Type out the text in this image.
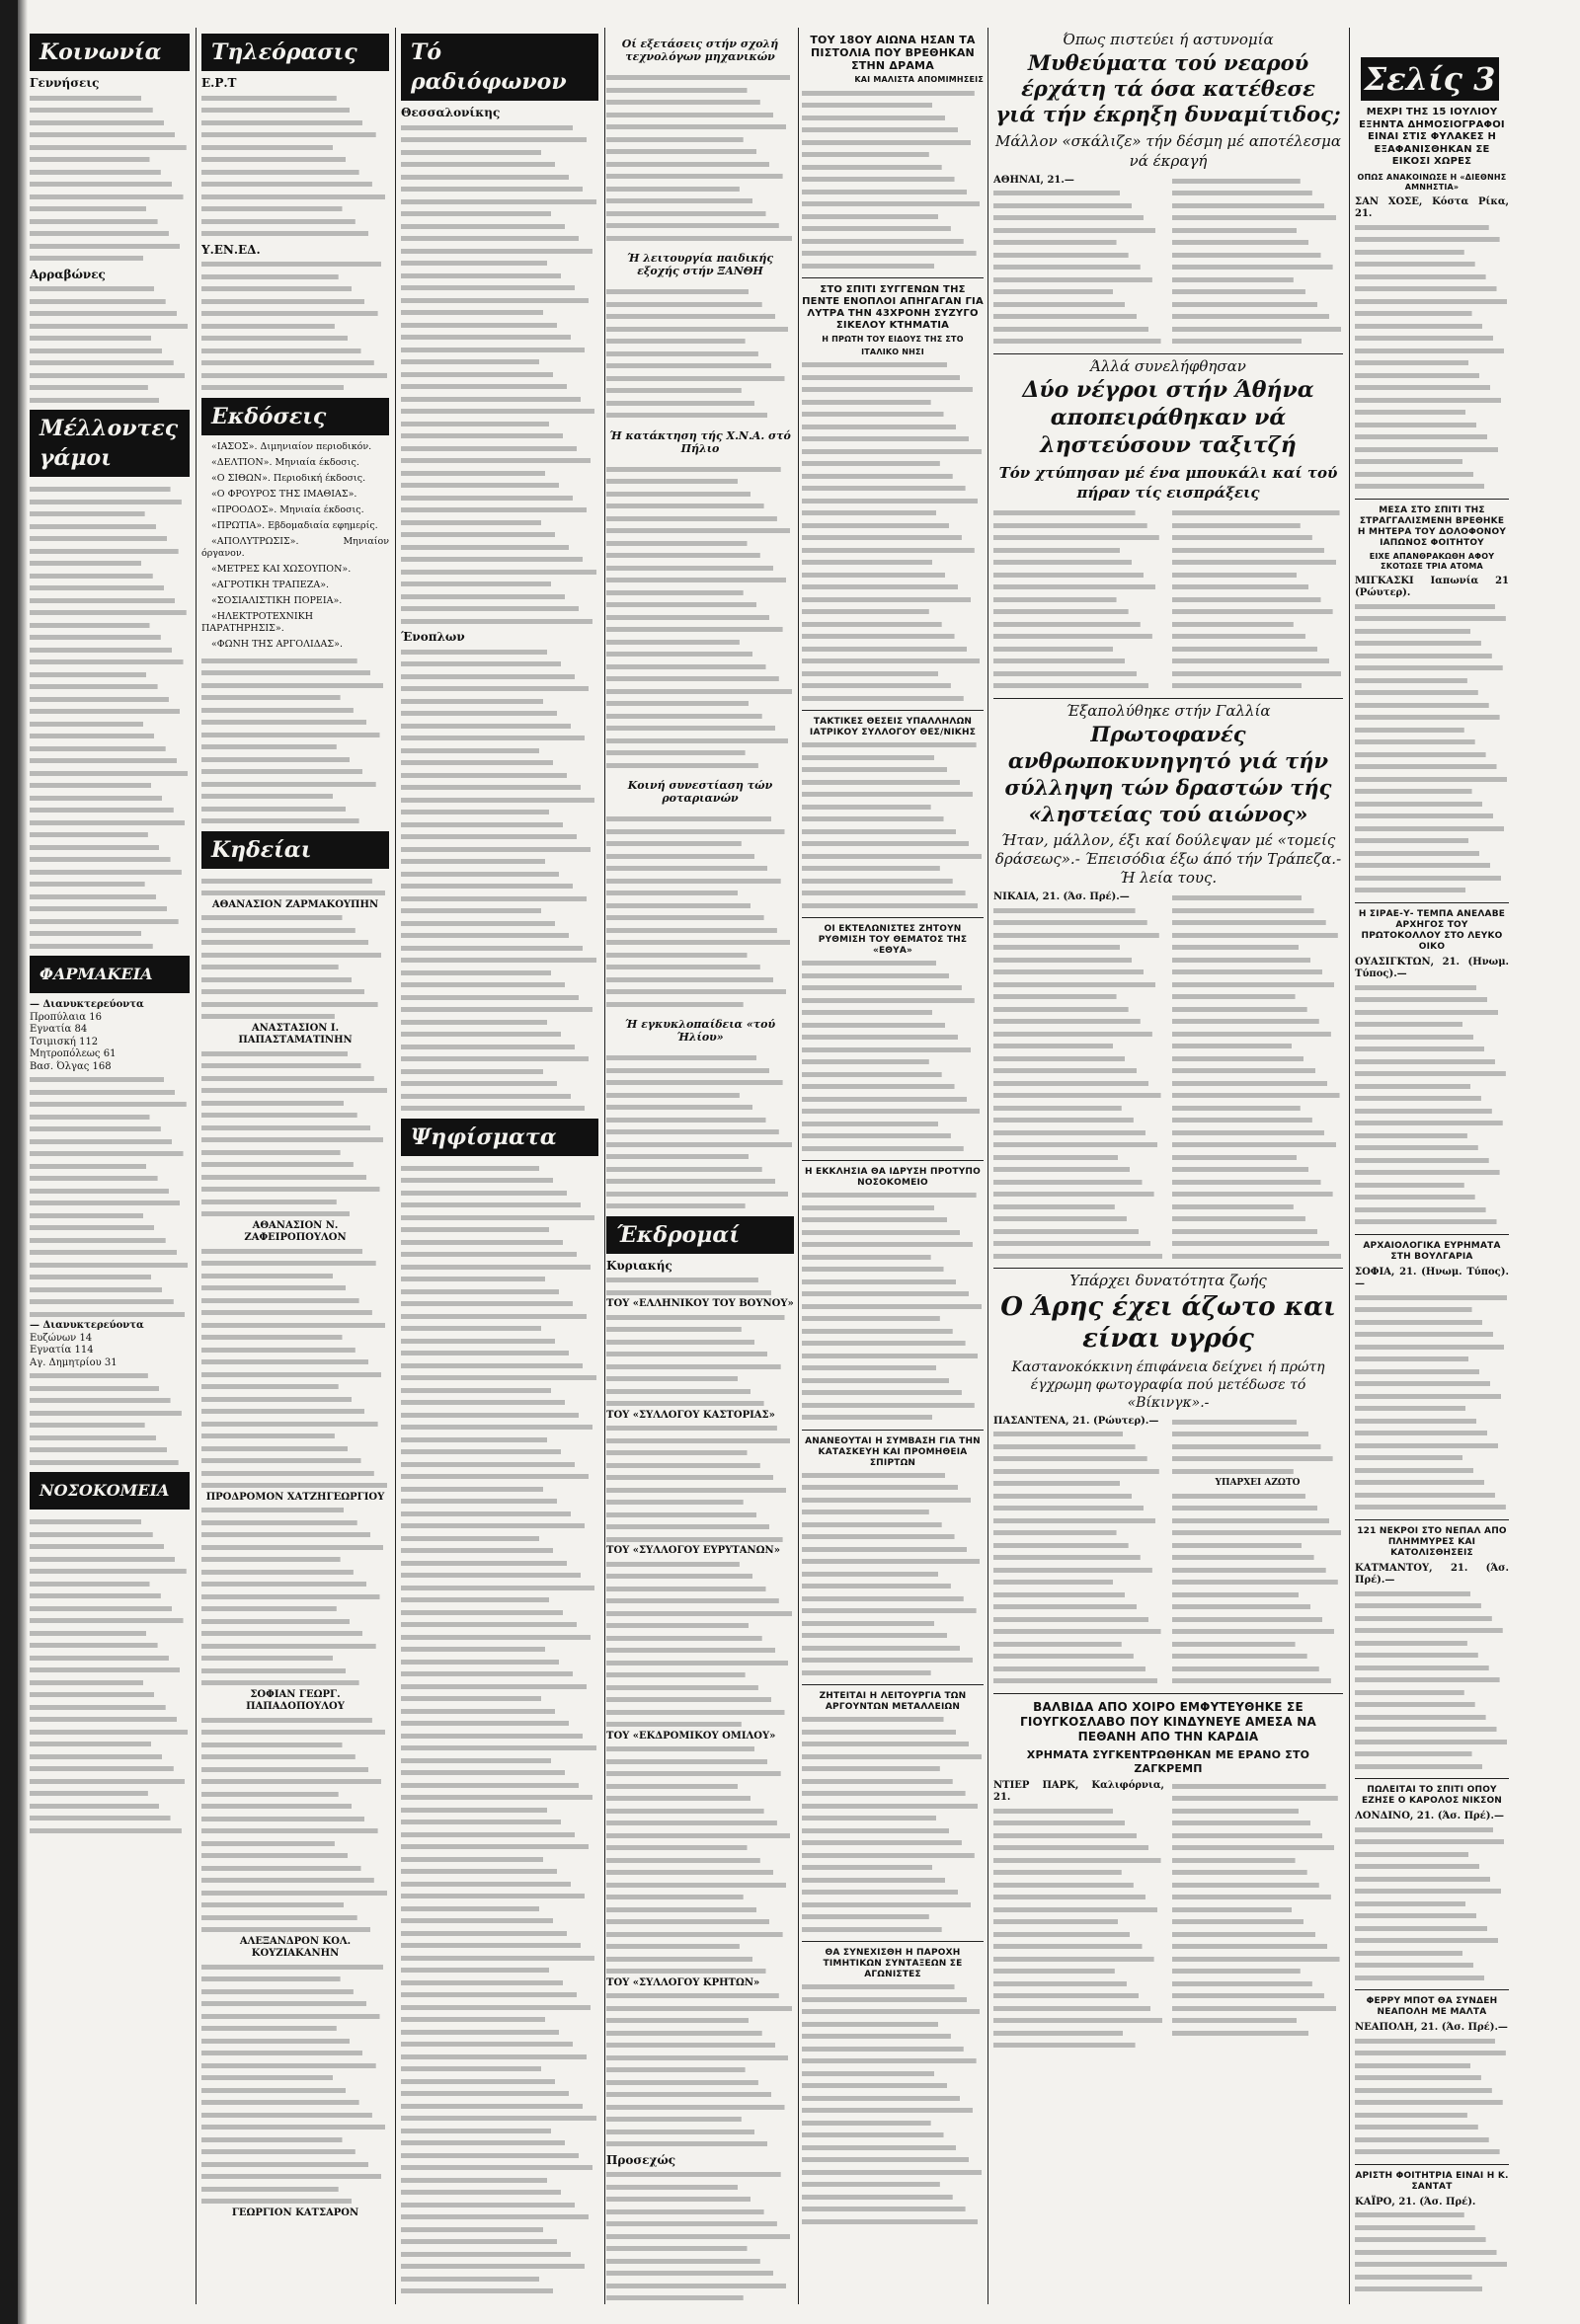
Κοινωνία
Γεννήσεις
Αρραβώνες
Μέλλοντες γάμοι
ΦΑΡΜΑΚΕΙΑ
— Διανυκτερεύοντα
Προπύλαια 16
Εγνατία 84
Τσιμισκή 112
Μητροπόλεως 61
Βασ. Όλγας 168
— Διανυκτερεύοντα
Ευζώνων 14
Εγνατία 114
Αγ. Δημητρίου 31
ΝΟΣΟΚΟΜΕΙΑ
Τηλεόρασις
Ε.Ρ.Τ
Υ.ΕΝ.ΕΔ.
Εκδόσεις

«ΙΑΣΟΣ». Διμηνιαίον περιοδικόν.

«ΔΕΛΤΙΟΝ». Μηνιαία έκδοσις.

«Ο ΣΙΘΩΝ». Περιοδική έκδοσις.

«Ο ΦΡΟΥΡΟΣ ΤΗΣ ΙΜΑΘΙΑΣ».

«ΠΡΟΟΔΟΣ». Μηνιαία έκδοσις.

«ΠΡΩΤΙΑ». Εβδομαδιαία εφημερίς.

«ΑΠΟΛΥΤΡΩΣΙΣ». Μηνιαίον όργανον.

«ΜΕΤΡΕΣ ΚΑΙ ΧΩΣΟΥΠΟΝ».

«ΑΓΡΟΤΙΚΗ ΤΡΑΠΕΖΑ».

«ΣΟΣΙΑΛΙΣΤΙΚΗ ΠΟΡΕΙΑ».

«ΗΛΕΚΤΡΟΤΕΧΝΙΚΗ ΠΑΡΑΤΗΡΗΣΙΣ».

«ΦΩΝΗ ΤΗΣ ΑΡΓΟΛΙΔΑΣ».

Κηδείαι
ΑΘΑΝΑΣΙΟΝ ΖΑΡΜΑΚΟΥΠΗΝ
ΑΝΑΣΤΑΣΙΟΝ Ι. ΠΑΠΑΣΤΑΜΑΤΙΝΗΝ
ΑΘΑΝΑΣΙΟΝ Ν. ΖΑΦΕΙΡΟΠΟΥΛΟΝ
ΠΡΟΔΡΟΜΟΝ ΧΑΤΖΗΓΕΩΡΓΙΟΥ
ΣΟΦΙΑΝ ΓΕΩΡΓ. ΠΑΠΑΔΟΠΟΥΛΟΥ
ΑΛΕΞΑΝΔΡΟΝ ΚΟΛ. ΚΟΥΖΙΑΚΑΝΗΝ
ΓΕΩΡΓΙΟΝ ΚΑΤΣΑΡΟΝ
Τό ραδιόφωνον
Θεσσαλονίκης
Ένοπλων
Ψηφίσματα
Οί εξετάσεις στήν σχολή τεχνολόγων μηχανικών
Ή λειτουργία παιδικής εξοχής στήν ΞΑΝΘΗ
Ή κατάκτηση τής Χ.Ν.Α. στό Πήλιο
Κοινή συνεστίαση τών ροταριανών
Ή εγκυκλοπαίδεια «τού Ήλίου»
Έκδρομαί
Κυριακής
ΤΟΥ «ΕΛΛΗΝΙΚΟΥ ΤΟΥ ΒΟΥΝΟΥ»
ΤΟΥ «ΣΥΛΛΟΓΟΥ ΚΑΣΤΟΡΙΑΣ»
ΤΟΥ «ΣΥΛΛΟΓΟΥ ΕΥΡΥΤΑΝΩΝ»
ΤΟΥ «ΕΚΔΡΟΜΙΚΟΥ ΟΜΙΛΟΥ»
ΤΟΥ «ΣΥΛΛΟΓΟΥ ΚΡΗΤΩΝ»
Προσεχώς
ΤΟΥ 18ΟΥ ΑΙΩΝΑ ΗΣΑΝ ΤΑ ΠΙΣΤΟΛΙΑ ΠΟΥ ΒΡΕΘΗΚΑΝ ΣΤΗΝ ΔΡΑΜΑ
ΚΑΙ ΜΑΛΙΣΤΑ ΑΠΟΜΙΜΗΣΕΙΣ
ΣΤΟ ΣΠΙΤΙ ΣΥΓΓΕΝΩΝ ΤΗΣ ΠΕΝΤΕ ΕΝΟΠΛΟΙ ΑΠΗΓΑΓΑΝ ΓΙΑ ΛΥΤΡΑ ΤΗΝ 43ΧΡΟΝΗ ΣΥΖΥΓΟ ΣΙΚΕΛΟΥ ΚΤΗΜΑΤΙΑ
Η ΠΡΩΤΗ ΤΟΥ ΕΙΔΟΥΣ ΤΗΣ ΣΤΟ ΙΤΑΛΙΚΟ ΝΗΣΙ
ΤΑΚΤΙΚΕΣ ΘΕΣΕΙΣ ΥΠΑΛΛΗΛΩΝ ΙΑΤΡΙΚΟΥ ΣΥΛΛΟΓΟΥ ΘΕΣ/ΝΙΚΗΣ
ΟΙ ΕΚΤΕΛΩΝΙΣΤΕΣ ΖΗΤΟΥΝ ΡΥΘΜΙΣΗ ΤΟΥ ΘΕΜΑΤΟΣ ΤΗΣ «ΕΘΥΑ»
Η ΕΚΚΛΗΣΙΑ ΘΑ ΙΔΡΥΣΗ ΠΡΟΤΥΠΟ ΝΟΣΟΚΟΜΕΙΟ
ΑΝΑΝΕΟΥΤΑΙ Η ΣΥΜΒΑΣΗ ΓΙΑ ΤΗΝ ΚΑΤΑΣΚΕΥΗ ΚΑΙ ΠΡΟΜΗΘΕΙΑ ΣΠΙΡΤΩΝ
ΖΗΤΕΙΤΑΙ Η ΛΕΙΤΟΥΡΓΙΑ ΤΩΝ ΑΡΓΟΥΝΤΩΝ ΜΕΤΑΛΛΕΙΩΝ
ΘΑ ΣΥΝΕΧΙΣΘΗ Η ΠΑΡΟΧΗ ΤΙΜΗΤΙΚΩΝ ΣΥΝΤΑΞΕΩΝ ΣΕ ΑΓΩΝΙΣΤΕΣ
Όπως πιστεύει ή αστυνομία
Μυθεύματα τού νεαρού έρχάτη τά όσα κατέθεσε
γιά τήν έκρηξη δυναμίτιδος;
Μάλλον «σκάλιζε» τήν δέσμη μέ αποτέλεσμα νά έκραγή
ΑΘΗΝΑΙ, 21.—
Άλλά συνελήφθησαν
Δύο νέγροι στήν Άθήνα αποπειράθηκαν νά ληστεύσουν ταξιτζή
Τόν χτύπησαν μέ ένα μπουκάλι καί τού πήραν τίς εισπράξεις
Έξαπολύθηκε στήν Γαλλία
Πρωτοφανές ανθρωποκυνηγητό γιά τήν σύλληψη τών δραστών τής «ληστείας τού αιώνος»
Ήταν, μάλλον, έξι καί δούλεψαν μέ «τομείς δράσεως».- Έπεισόδια έξω άπό τήν Τράπεζα.- Ή λεία τους.
ΝΙΚΑΙΑ, 21. (Άσ. Πρέ).—
Υπάρχει δυνατότητα ζωής
Ο Άρης έχει άζωτο και είναι υγρός
Καστανοκόκκινη έπιφάνεια δείχνει ή πρώτη έγχρωμη φωτογραφία πού μετέδωσε τό «Βίκινγκ».-
ΠΑΣΑΝΤΕΝΑ, 21. (Ρώυτερ).—
ΥΠΑΡΧΕΙ ΑΖΩΤΟ
ΒΑΛΒΙΔΑ ΑΠΟ ΧΟΙΡΟ ΕΜΦΥΤΕΥΘΗΚΕ ΣΕ ΓΙΟΥΓΚΟΣΛΑΒΟ ΠΟΥ ΚΙΝΔΥΝΕΥΕ ΑΜΕΣΑ ΝΑ ΠΕΘΑΝΗ ΑΠΟ ΤΗΝ ΚΑΡΔΙΑ
ΧΡΗΜΑΤΑ ΣΥΓΚΕΝΤΡΩΘΗΚΑΝ ΜΕ ΕΡΑΝΟ ΣΤΟ ΖΑΓΚΡΕΜΠ
ΝΤΙΕΡ ΠΑΡΚ, Καλιφόρνια, 21.
Σελίς 3
ΜΕΧΡΙ ΤΗΣ 15 ΙΟΥΛΙΟΥ ΕΞΗΝΤΑ ΔΗΜΟΣΙΟΓΡΑΦΟΙ ΕΙΝΑΙ ΣΤΙΣ ΦΥΛΑΚΕΣ Η ΕΞΑΦΑΝΙΣΘΗΚΑΝ ΣΕ ΕΙΚΟΣΙ ΧΩΡΕΣ
ΟΠΩΣ ΑΝΑΚΟΙΝΩΣΕ Η «ΔΙΕΘΝΗΣ ΑΜΝΗΣΤΙΑ»
ΣΑΝ ΧΟΣΕ, Κόστα Ρίκα, 21.
ΜΕΣΑ ΣΤΟ ΣΠΙΤΙ ΤΗΣ ΣΤΡΑΓΓΑΛΙΣΜΕΝΗ ΒΡΕΘΗΚΕ Η ΜΗΤΕΡΑ ΤΟΥ ΔΟΛΟΦΟΝΟΥ ΙΑΠΩΝΟΣ ΦΟΙΤΗΤΟΥ
ΕΙΧΕ ΑΠΑΝΘΡΑΚΩΘΗ ΑΦΟΥ ΣΚΟΤΩΣΕ ΤΡΙΑ ΑΤΟΜΑ
ΜΙΓΚΑΣΚΙ Ιαπωνία 21 (Ρώυτερ).
Η ΣΙΡΑΕ-Υ- ΤΕΜΠΑ ΑΝΕΛΑΒΕ ΑΡΧΗΓΟΣ ΤΟΥ ΠΡΩΤΟΚΟΛΛΟΥ ΣΤΟ ΛΕΥΚΟ ΟΙΚΟ
ΟΥΑΣΙΓΚΤΩΝ, 21. (Ηνωμ. Τύπος).—
ΑΡΧΑΙΟΛΟΓΙΚΑ ΕΥΡΗΜΑΤΑ ΣΤΗ ΒΟΥΛΓΑΡΙΑ
ΣΟΦΙΑ, 21. (Ηνωμ. Τύπος).—
121 ΝΕΚΡΟΙ ΣΤΟ ΝΕΠΑΛ ΑΠΟ ΠΛΗΜΜΥΡΕΣ ΚΑΙ ΚΑΤΟΛΙΣΘΗΣΕΙΣ
ΚΑΤΜΑΝΤΟΥ, 21. (Άσ. Πρέ).—
ΠΩΛΕΙΤΑΙ ΤΟ ΣΠΙΤΙ ΟΠΟΥ ΕΖΗΣΕ Ο ΚΑΡΟΛΟΣ ΝΙΚΣΟΝ
ΛΟΝΔΙΝΟ, 21. (Άσ. Πρέ).—
ΦΕΡΡΥ ΜΠΟΤ ΘΑ ΣΥΝΔΕΗ ΝΕΑΠΟΛΗ ΜΕ ΜΑΛΤΑ
ΝΕΑΠΟΛΗ, 21. (Άσ. Πρέ).—
ΑΡΙΣΤΗ ΦΟΙΤΗΤΡΙΑ ΕΙΝΑΙ Η Κ. ΣΑΝΤΑΤ
ΚΑΪΡΟ, 21. (Άσ. Πρέ).
